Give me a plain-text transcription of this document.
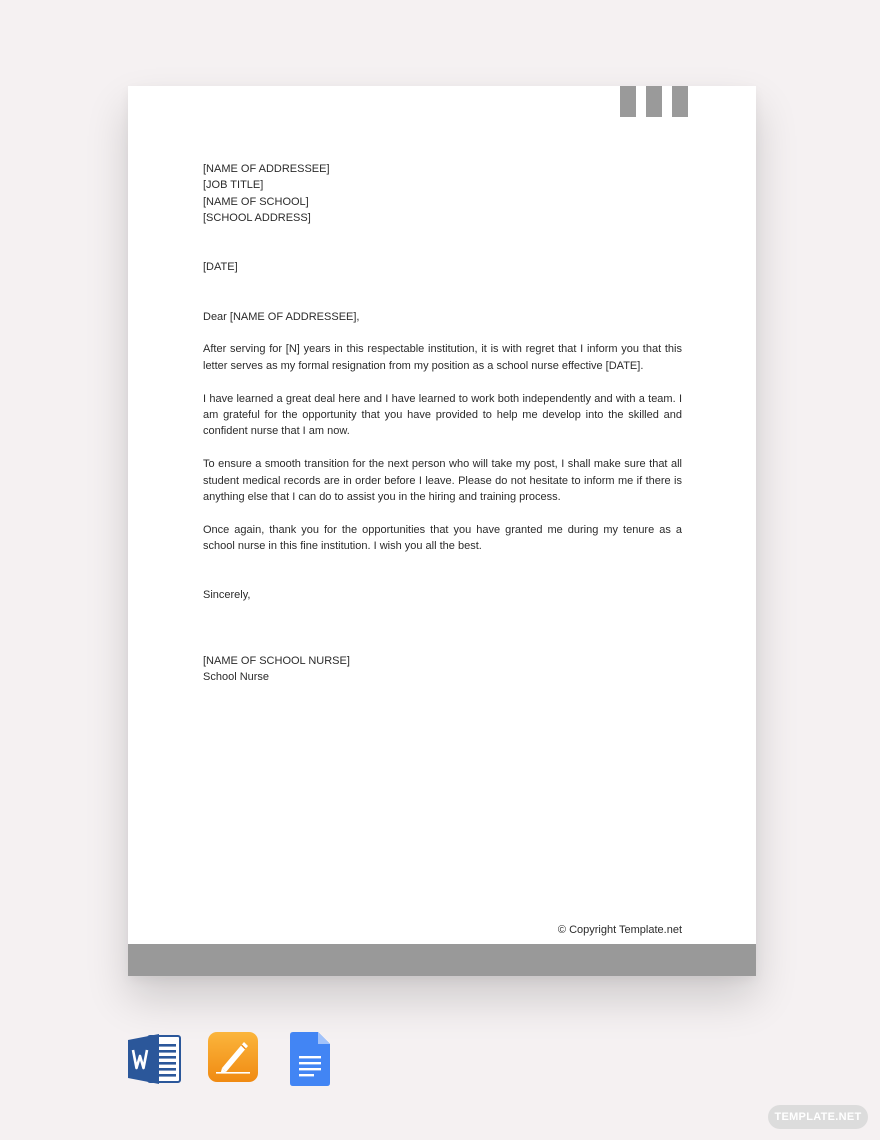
[NAME OF ADDRESSEE]
[JOB TITLE]
[NAME OF SCHOOL]
[SCHOOL ADDRESS]

[DATE]

Dear [NAME OF ADDRESSEE],

After serving for [N] years in this respectable institution, it is with regret that I inform you that this letter serves as my formal resignation from my position as a school nurse effective [DATE].

I have learned a great deal here and I have learned to work both independently and with a team. I am grateful for the opportunity that you have provided to help me develop into the skilled and confident nurse that I am now.

To ensure a smooth transition for the next person who will take my post, I shall make sure that all student medical records are in order before I leave. Please do not hesitate to inform me if there is anything else that I can do to assist you in the hiring and training process.

Once again, thank you for the opportunities that you have granted me during my tenure as a school nurse in this fine institution. I wish you all the best.

Sincerely,

[NAME OF SCHOOL NURSE]

School Nurse

© Copyright Template.net
TEMPLATE.NET
